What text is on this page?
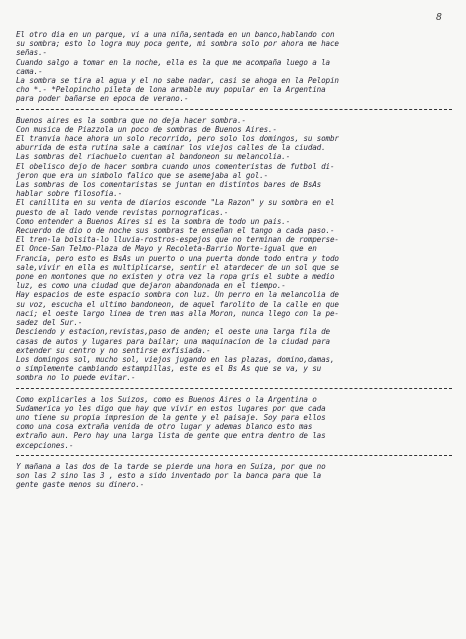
8
El otro dia en un parque, vi a una niña,sentada en un banco,hablando con
su sombra; esto lo logra muy poca gente, mi sombra solo por ahora me hace
señas.-
Cuando salgo a tomar en la noche, ella es la que me acompaña luego a la
cama.-
La sombra se tira al agua y el no sabe nadar, casi se ahoga en la Pelopin
cho *.- *Pelopincho pileta de lona armable muy popular en la Argentina
para poder bañarse en epoca de verano.-
Buenos aires es la sombra que no deja hacer sombra.-
Con musica de Piazzola un poco de sombras de Buenos Aires.-
El tranvia hace ahora un solo recorrido, pero solo los domingos, su sombr
aburrida de esta rutina sale a caminar los viejos calles de la ciudad.
Las sombras del riachuelo cuentan al bandoneon su melancolia.-
El obelisco dejo de hacer sombra cuando unos comenteristas de futbol di-
jeron que era un simbolo falico que se asemejaba al gol.-
Las sombras de los comentaristas se juntan en distintos bares de BsAs
hablar sobre filosofia.-
El canillita en su venta de diarios esconde "La Razon" y su sombra en el
puesto de al lado vende revistas pornograficas.-
Como entender a Buenos Aires si es la sombra de todo un pais.-
Recuerdo de dio o de noche sus sombras te enseñan el tango a cada paso.-
El tren-la bolsita-lo lluvia-rostros-espejos que no terminan de romperse-
El Once-San Telmo-Plaza de Mayo y Recoleta-Barrio Norte-igual que en
Francia, pero esto es BsAs un puerto o una puerta donde todo entra y todo
sale,vivir en ella es multiplicarse, sentir el atardecer de un sol que se
pone en montones que no existen y otra vez la ropa gris el subte a medio
luz, es como una ciudad que dejaron abandonada en el tiempo.-
Hay espacios de este espacio sombra con luz. Un perro en la melancolia de
su voz, escucha el ultimo bandoneon, de aquel farolito de la calle en que
naci; el oeste largo linea de tren mas alla Moron, nunca llego con la pe-
sadez del Sur.-
Desciendo y estacion,revistas,paso de anden; el oeste una larga fila de
casas de autos y lugares para bailar; una maquinacion de la ciudad para
extender su centro y no sentirse exfisiada.-
Los domingos sol, mucho sol, viejos jugando en las plazas, domino,damas,
o simplemente cambiando estampillas, este es el Bs As que se va, y su
sombra no lo puede evitar.-
Como explicarles a los Suizos, como es Buenos Aires o la Argentina o
Sudamerica yo les digo que hay que vivir en estos lugares por que cada
uno tiene su propia impresion de la gente y el paisaje. Soy para ellos
como una cosa extraña venida de otro lugar y ademas blanco esto mas
extraño aun. Pero hay una larga lista de gente que entra dentro de las
excepciones.-
Y mañana a las dos de la tarde se pierde una hora en Suiza, por que no
son las 2 sino las 3 , esto a sido inventado por la banca para que la
gente gaste menos su dinero.-
